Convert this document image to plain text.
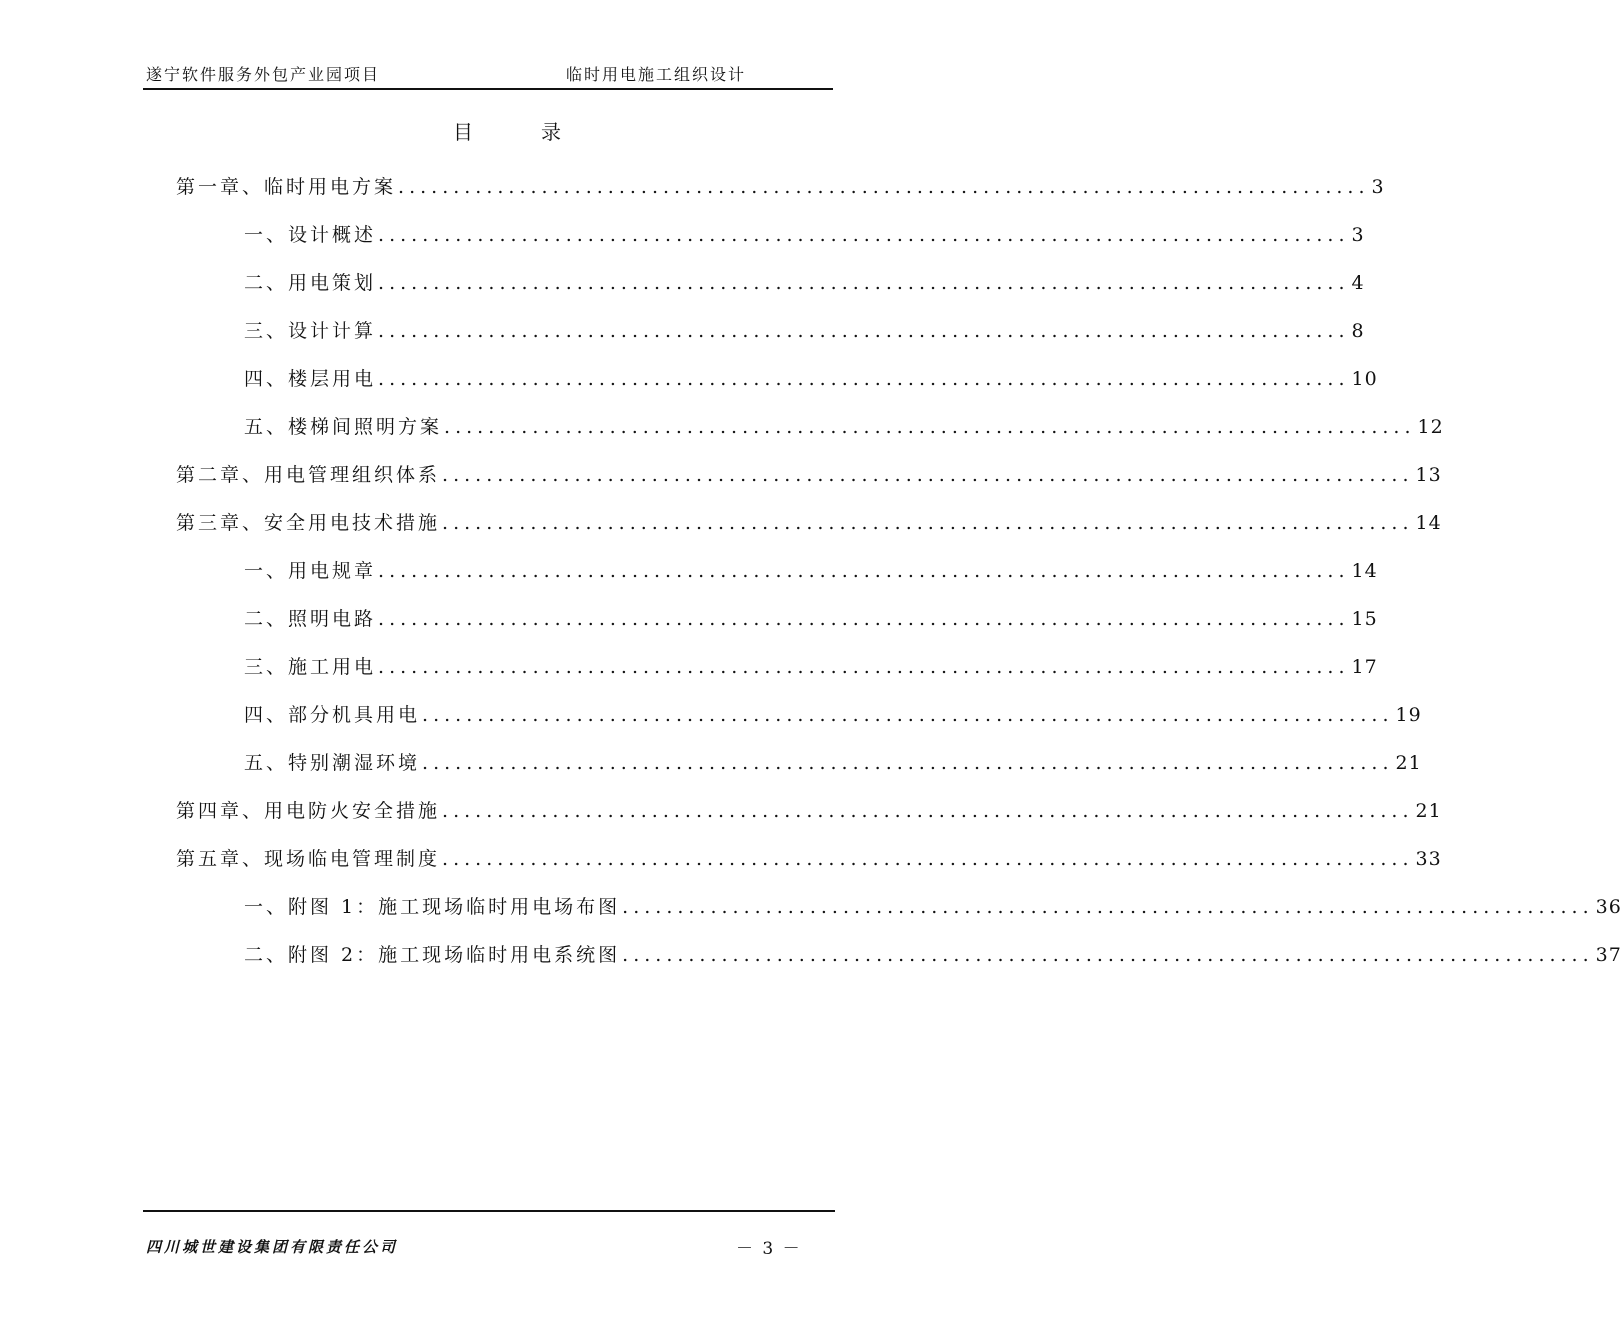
遂宁软件服务外包产业园项目	临时用电施工组织设计
目	录
第一章、 临时用电方案 ........................................................................................ 3
一、 设计概述 ........................................................................................ 3
二、 用电策划 ........................................................................................ 4
三、 设计计算 ........................................................................................ 8
四、 楼层用电 ........................................................................................ 10
五、 楼梯间照明方案 ........................................................................................ 12
第二章、 用电管理组织体系 ........................................................................................ 13
第三章、 安全用电技术措施 ........................................................................................ 14
一、 用电规章 ........................................................................................ 14
二、 照明电路 ........................................................................................ 15
三、 施工用电 ........................................................................................ 17
四、 部分机具用电 ........................................................................................ 19
五、 特别潮湿环境 ........................................................................................ 21
第四章、 用电防火安全措施 ........................................................................................ 21
第五章、 现场临电管理制度 ........................................................................................ 33
一、 附图 1：施工现场临时用电场布图 ........................................................................................ 36
二、 附图 2：施工现场临时用电系统图 ........................................................................................ 37
四川城世建设集团有限责任公司	－ 3 －
